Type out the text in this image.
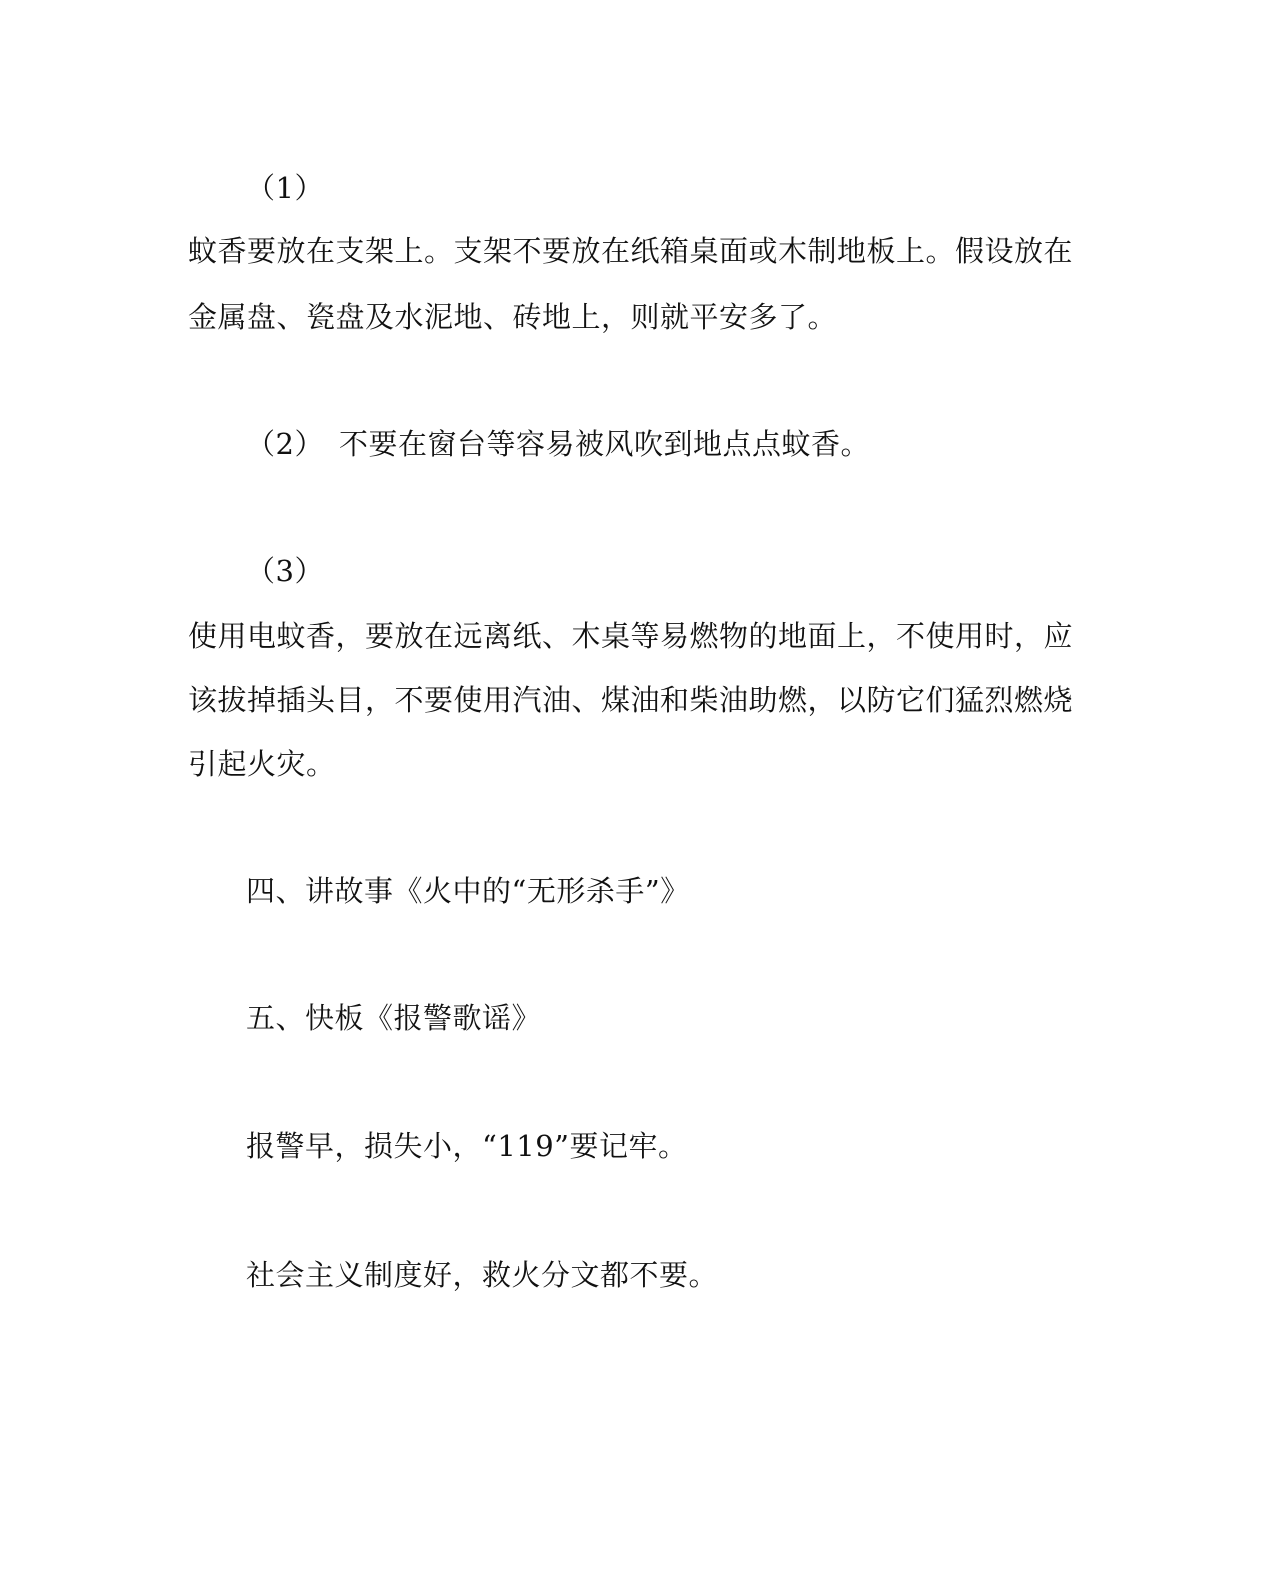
（1）
蚊香要放在支架上。支架不要放在纸箱桌面或木制地板上。假设放在
金属盘、瓷盘及水泥地、砖地上，则就平安多了。
（2）　不要在窗台等容易被风吹到地点点蚊香。
（3）
使用电蚊香，要放在远离纸、木桌等易燃物的地面上，不使用时，应
该拔掉插头目，不要使用汽油、煤油和柴油助燃，以防它们猛烈燃烧
引起火灾。
四、讲故事《火中的“无形杀手”》
五、快板《报警歌谣》
报警早，损失小，“119”要记牢。
社会主义制度好，救火分文都不要。
